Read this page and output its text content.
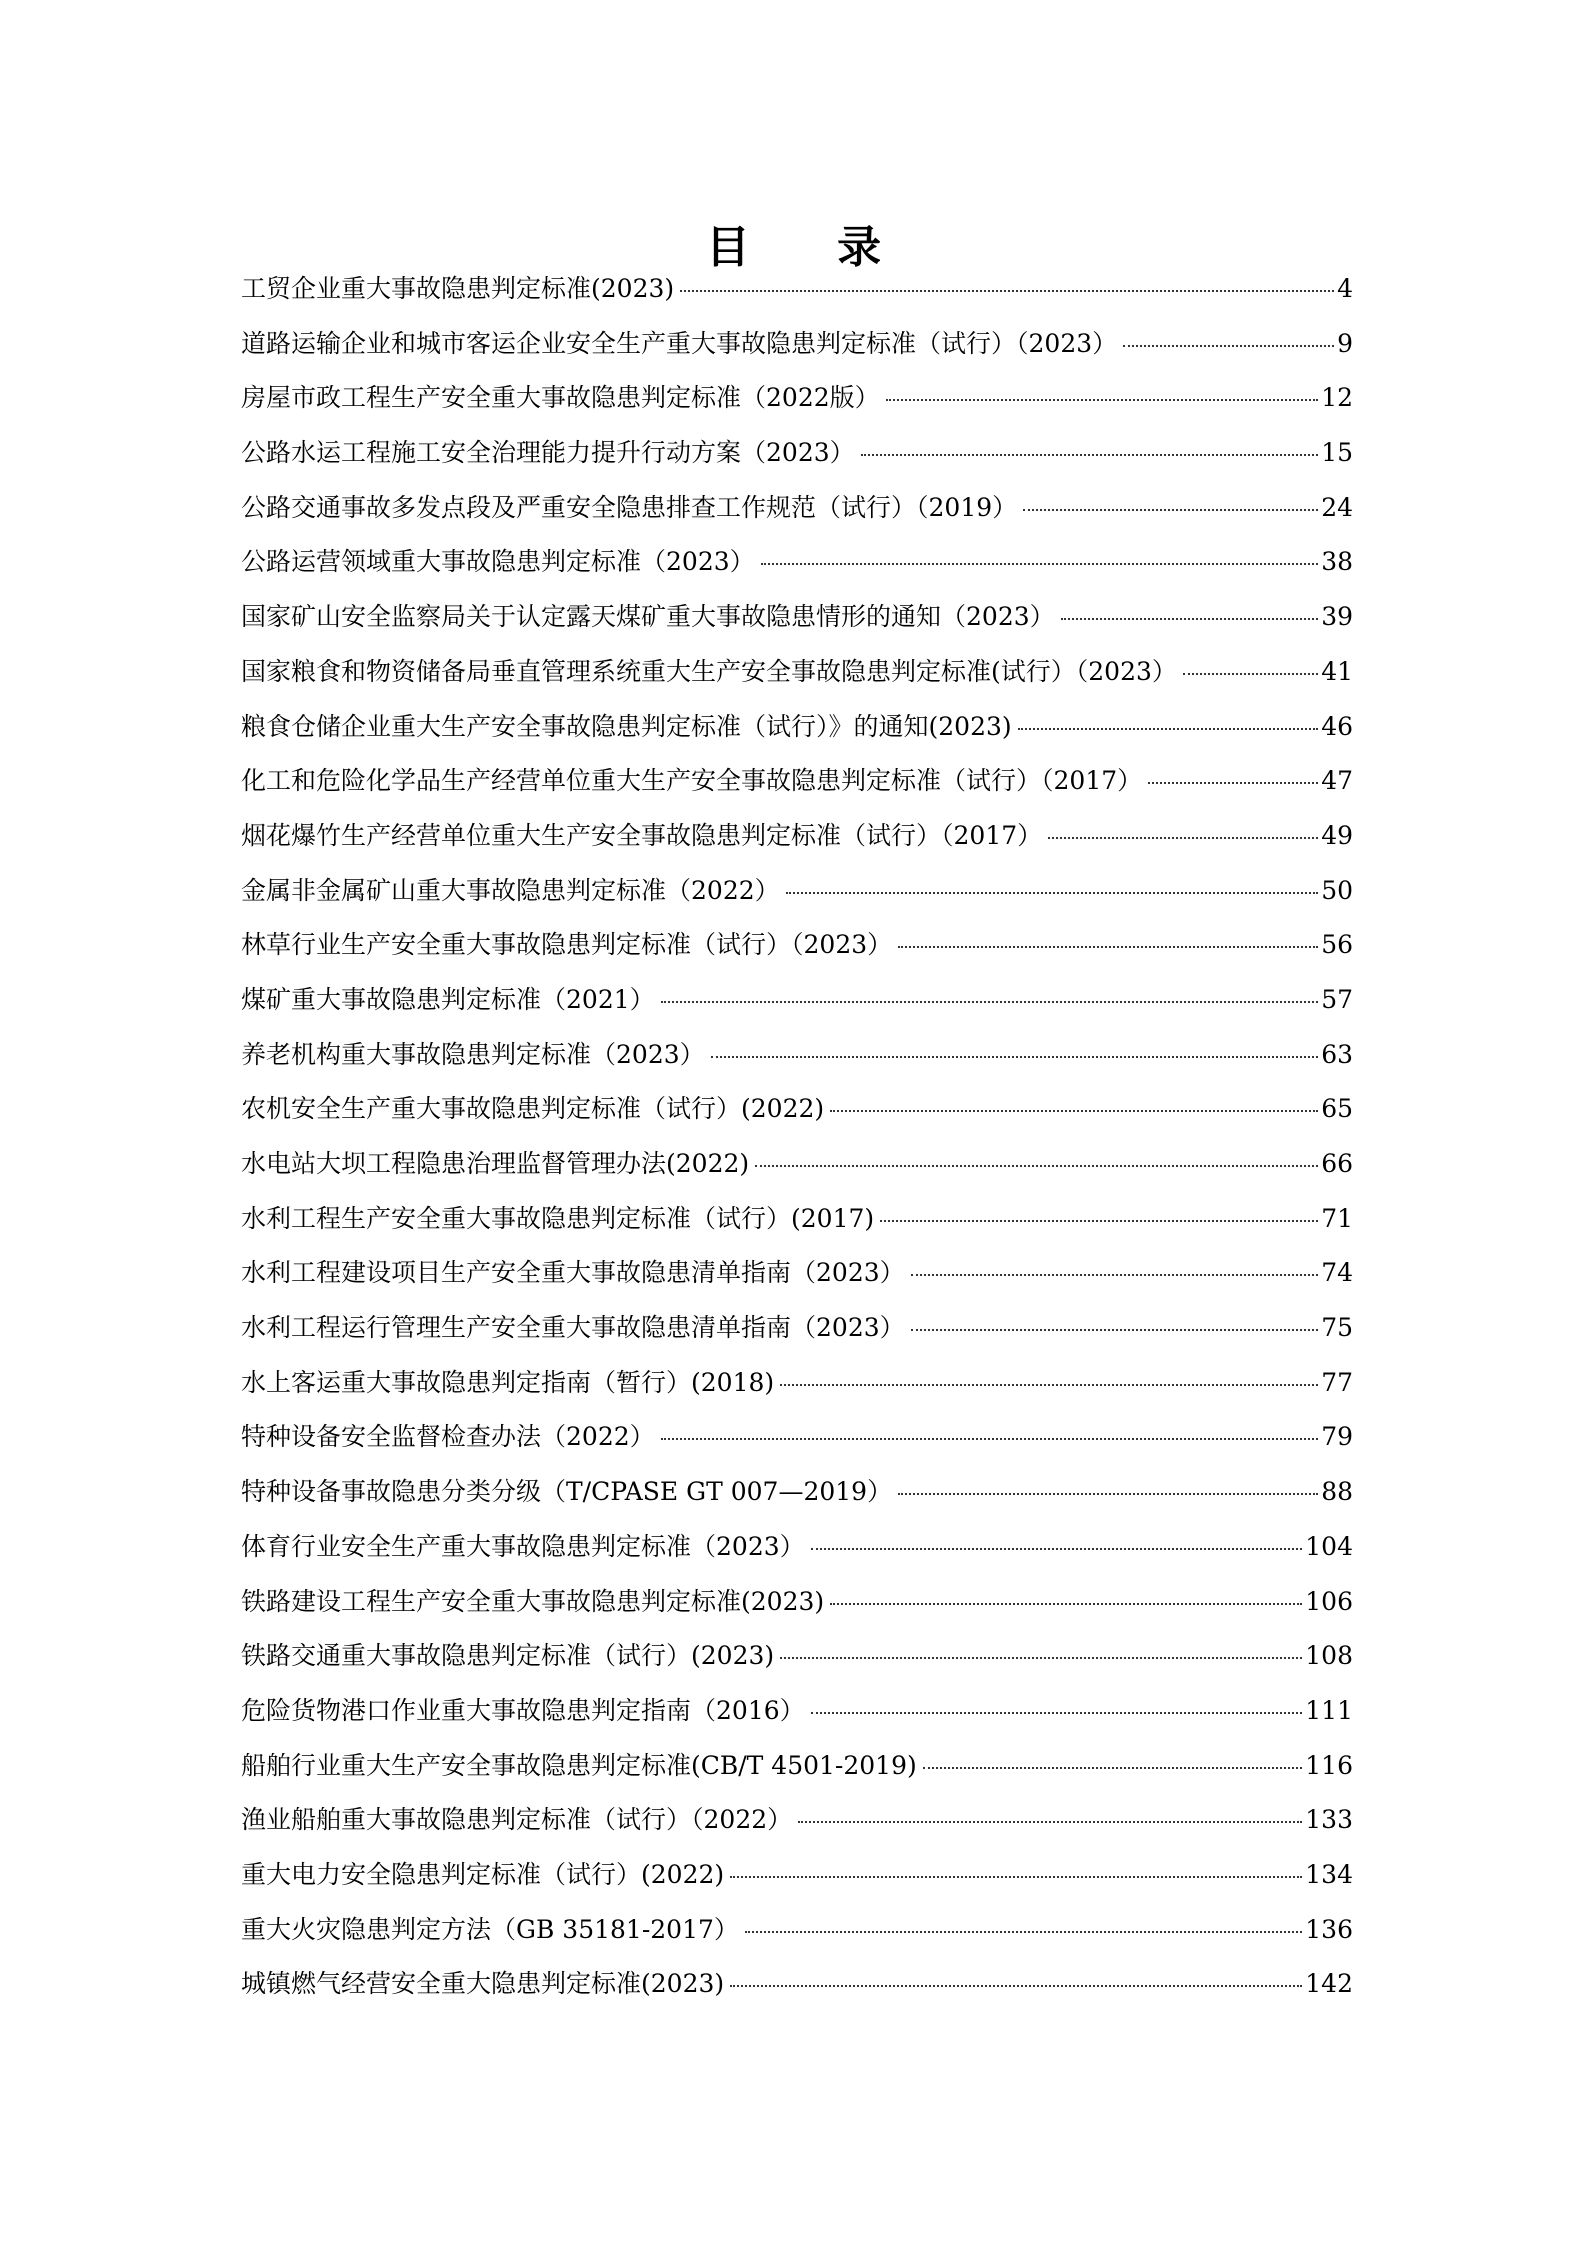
目 录
工贸企业重大事故隐患判定标准(2023)	4
道路运输企业和城市客运企业安全生产重大事故隐患判定标准（试行）（2023）	9
房屋市政工程生产安全重大事故隐患判定标准（2022版）	12
公路水运工程施工安全治理能力提升行动方案（2023）	15
公路交通事故多发点段及严重安全隐患排查工作规范（试行）（2019）	24
公路运营领域重大事故隐患判定标准（2023）	38
国家矿山安全监察局关于认定露天煤矿重大事故隐患情形的通知（2023）	39
国家粮食和物资储备局垂直管理系统重大生产安全事故隐患判定标准(试行）（2023）	41
粮食仓储企业重大生产安全事故隐患判定标准（试行）》的通知(2023)	46
化工和危险化学品生产经营单位重大生产安全事故隐患判定标准（试行）（2017）	47
烟花爆竹生产经营单位重大生产安全事故隐患判定标准（试行）（2017）	49
金属非金属矿山重大事故隐患判定标准（2022）	50
林草行业生产安全重大事故隐患判定标准（试行）（2023）	56
煤矿重大事故隐患判定标准（2021）	57
养老机构重大事故隐患判定标准（2023）	63
农机安全生产重大事故隐患判定标准（试行）(2022)	65
水电站大坝工程隐患治理监督管理办法(2022)	66
水利工程生产安全重大事故隐患判定标准（试行）(2017)	71
水利工程建设项目生产安全重大事故隐患清单指南（2023）	74
水利工程运行管理生产安全重大事故隐患清单指南（2023）	75
水上客运重大事故隐患判定指南（暂行）(2018)	77
特种设备安全监督检查办法（2022）	79
特种设备事故隐患分类分级（T/CPASE GT 007—2019）	88
体育行业安全生产重大事故隐患判定标准（2023）	104
铁路建设工程生产安全重大事故隐患判定标准(2023)	106
铁路交通重大事故隐患判定标准（试行）(2023)	108
危险货物港口作业重大事故隐患判定指南（2016）	111
船舶行业重大生产安全事故隐患判定标准(CB/T 4501-2019)	116
渔业船舶重大事故隐患判定标准（试行）（2022）	133
重大电力安全隐患判定标准（试行）(2022)	134
重大火灾隐患判定方法（GB 35181-2017）	136
城镇燃气经营安全重大隐患判定标准(2023)	142
